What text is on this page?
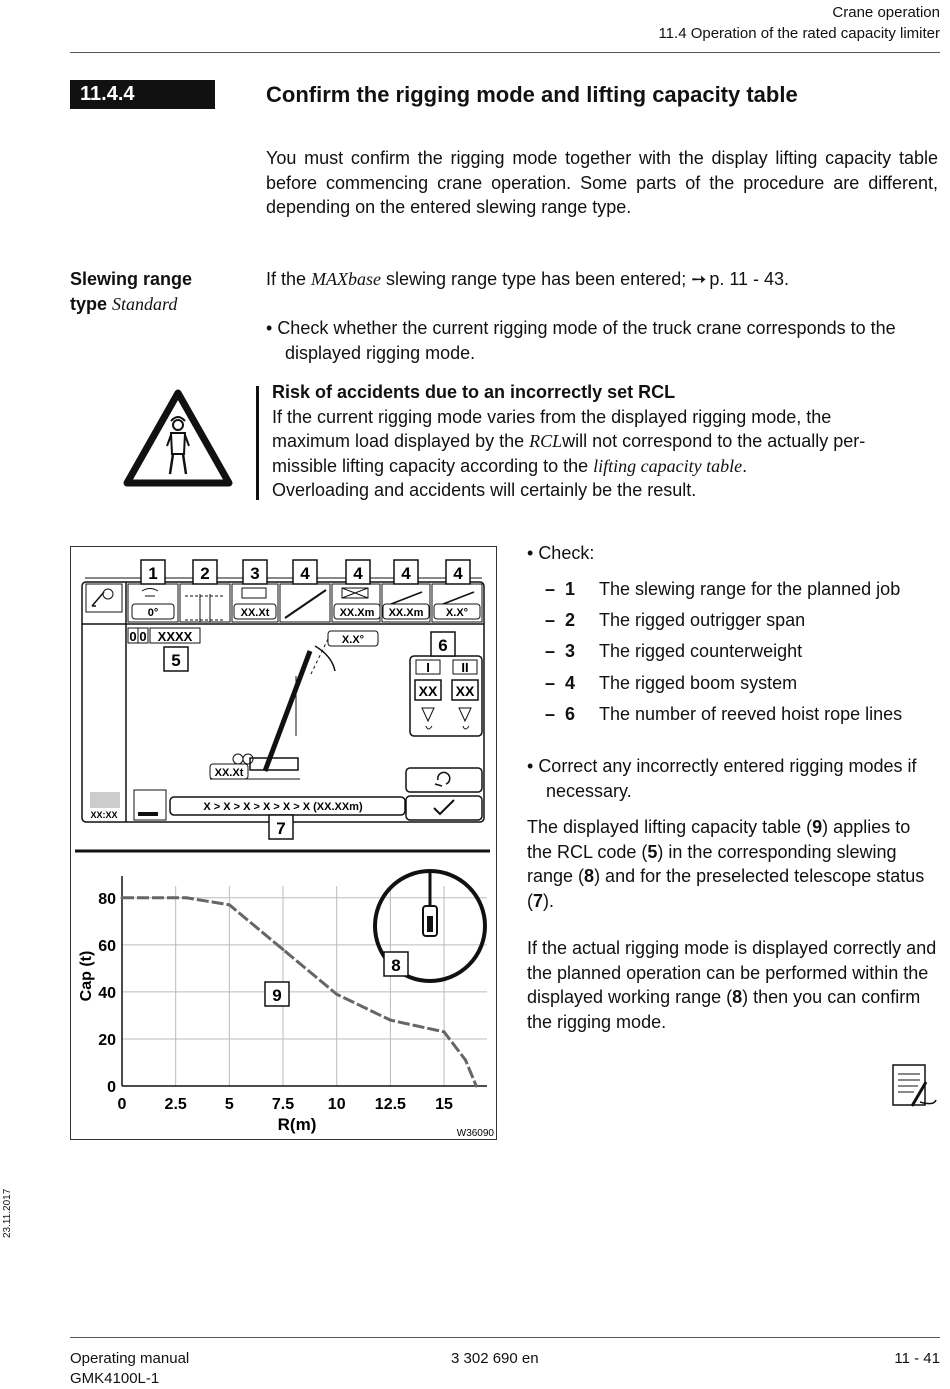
Crane operation
11.4 Operation of the rated capacity limiter
11.4.4	Confirm the rigging mode and lifting capacity table
You must confirm the rigging mode together with the display lifting capacity table before commencing crane operation. Some parts of the procedure are different, depending on the entered slewing range type.
Slewing range
type Standard
If the MAXbase slewing range type has been entered; ➙ p. 11 - 43.
• Check whether the current rigging mode of the truck crane corresponds to the displayed rigging mode.
Risk of accidents due to an incorrectly set RCL
If the current rigging mode varies from the displayed rigging mode, the
maximum load displayed by the RCLwill not correspond to the actually per-
missible lifting capacity according to the lifting capacity table.
Overloading and accidents will certainly be the result.
0°	XX.Xt	XX.Xm XX.Xm X.X°
1	2 3 4	4 4	4
0 0 XXXX
5
X.X°
XX.Xt
6
I II
XX XX
X > X > X > X > X > X (XX.XXm)
XX:XX
7
0 2.5 5 7.5 10 12.5 15
0
20
40
60
80
Cap (t)
R(m)
8
9
W36090
• Check:
– 1 The slewing range for the planned job
– 2 The rigged outrigger span
– 3 The rigged counterweight
– 4 The rigged boom system
– 6 The number of reeved hoist rope lines
• Correct any incorrectly entered rigging modes if necessary.
The displayed lifting capacity table (9) applies to the RCL code (5) in the corresponding slewing range (8) and for the preselected telescope status (7).
If the actual rigging mode is displayed correctly and the planned operation can be performed within the displayed working range (8) then you can confirm the rigging mode.
23.11.2017
Operating manual
GMK4100L-1
3 302 690 en	11 - 41
